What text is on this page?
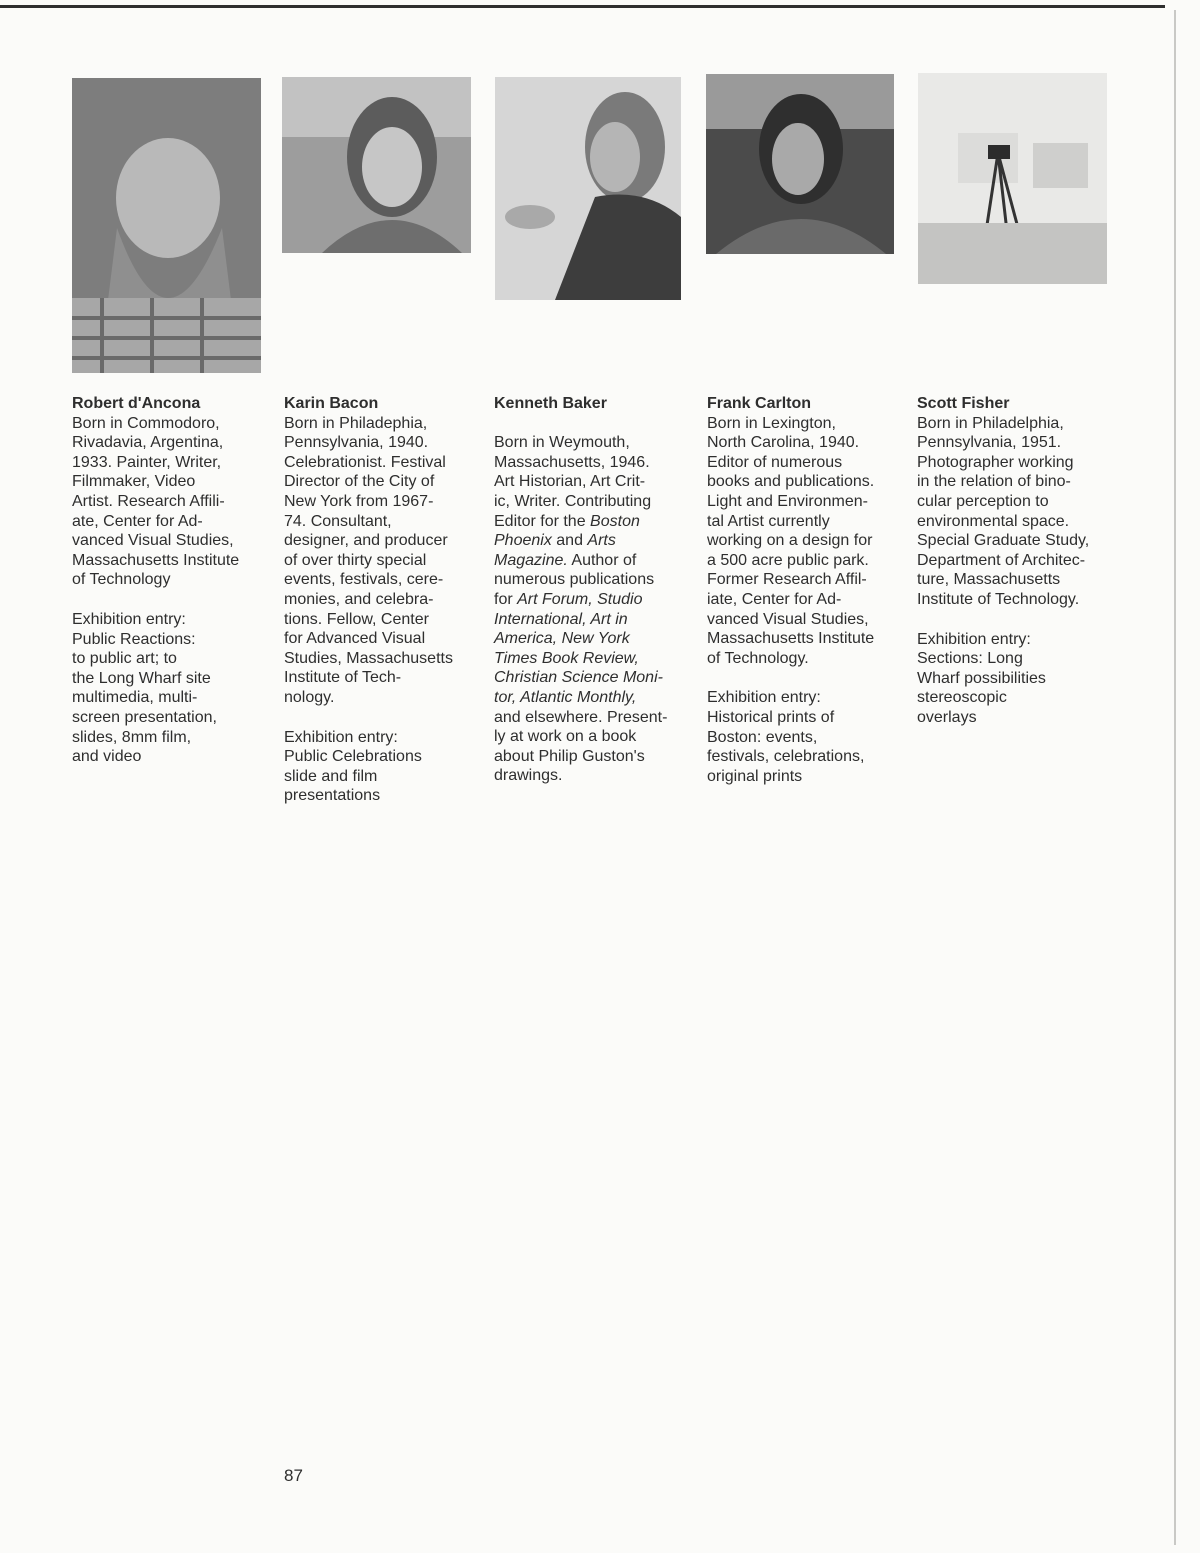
Robert d'Ancona

Born in Commodoro,
Rivadavia, Argentina,
1933. Painter, Writer,
Filmmaker, Video
Artist. Research Affili-
ate, Center for Ad-
vanced Visual Studies,
Massachusetts Institute
of Technology

Exhibition entry:
Public Reactions:
to public art; to
the Long Wharf site
multimedia, multi-
screen presentation,
slides, 8mm film,
and video

Karin Bacon

Born in Philadephia,
Pennsylvania, 1940.
Celebrationist. Festival
Director of the City of
New York from 1967-
74. Consultant,
designer, and producer
of over thirty special
events, festivals, cere-
monies, and celebra-
tions. Fellow, Center
for Advanced Visual
Studies, Massachusetts
Institute of Tech-
nology.

Exhibition entry:
Public Celebrations
slide and film
presentations

Kenneth Baker

Born in Weymouth,
Massachusetts, 1946.
Art Historian, Art Crit-
ic, Writer. Contributing
Editor for the Boston
Phoenix and Arts
Magazine. Author of
numerous publications
for Art Forum, Studio
International, Art in
America, New York
Times Book Review,
Christian Science Moni-
tor, Atlantic Monthly,
and elsewhere. Present-
ly at work on a book
about Philip Guston's
drawings.

Frank Carlton

Born in Lexington,
North Carolina, 1940.
Editor of numerous
books and publications.
Light and Environmen-
tal Artist currently
working on a design for
a 500 acre public park.
Former Research Affil-
iate, Center for Ad-
vanced Visual Studies,
Massachusetts Institute
of Technology.

Exhibition entry:
Historical prints of
Boston: events,
festivals, celebrations,
original prints

Scott Fisher

Born in Philadelphia,
Pennsylvania, 1951.
Photographer working
in the relation of bino-
cular perception to
environmental space.
Special Graduate Study,
Department of Architec-
ture, Massachusetts
Institute of Technology.

Exhibition entry:
Sections: Long
Wharf possibilities
stereoscopic
overlays

87
